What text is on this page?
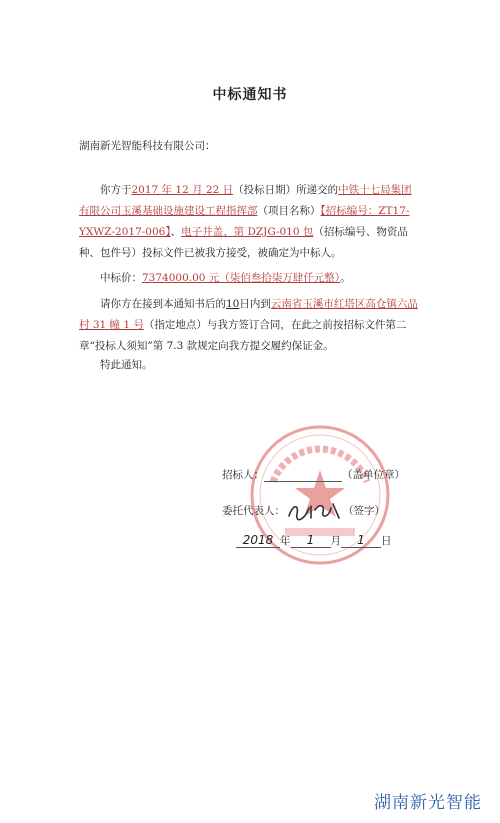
中标通知书
湖南新光智能科技有限公司：

你方于2017 年 12 月 22 日（投标日期）所递交的中铁十七局集团有限公司玉溪基础设施建设工程指挥部（项目名称）【招标编号：ZT17-YXWZ-2017-006】、电子井盖、第 DZJG-010 包（招标编号、物资品种、包件号）投标文件已被我方接受，被确定为中标人。

中标价：7374000.00 元（柒佰叁拾柒万肆仟元整）。

请你方在接到本通知书后的10日内到云南省玉溪市红塔区高仓镇六品村 31 幢 1 号（指定地点）与我方签订合同，在此之前按招标文件第二章“投标人须知”第 7.3 款规定向我方提交履约保证金。

特此通知。

招标人：	（盖单位章）
委托代表人：	（签字）
2018 年 1 月 1 日
湖南新光智能
